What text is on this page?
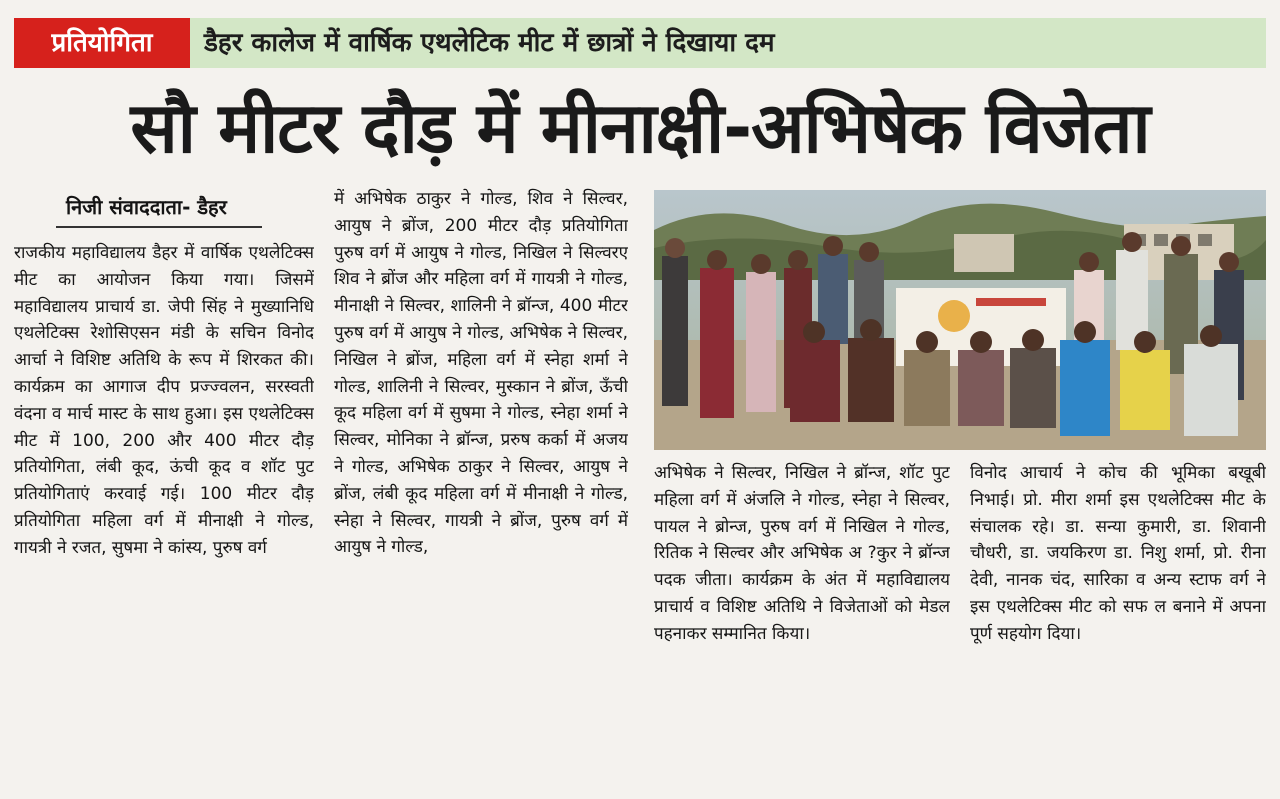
प्रतियोगिता	डैहर कालेज में वार्षिक एथलेटिक मीट में छात्रों ने दिखाया दम
सौ मीटर दौड़ में मीनाक्षी-अभिषेक विजेता
निजी संवाददाता- डैहर
राजकीय महाविद्यालय डैहर में वार्षिक एथलेटिक्स मीट का आयोजन किया गया। जिसमें महाविद्यालय प्राचार्य डा. जेपी सिंह ने मुख्यानिधि एथलेटिक्स रेशोसिएसन मंडी के सचिन विनोद आर्चा ने विशिष्ट अतिथि के रूप में शिरकत की। कार्यक्रम का आगाज दीप प्रज्ज्वलन, सरस्वती वंदना व मार्च मास्ट के साथ हुआ। इस एथलेटिक्स मीट में 100, 200 और 400 मीटर दौड़ प्रतियोगिता, लंबी कूद, ऊंची कूद व शॉट पुट प्रतियोगिताएं करवाई गई। 100 मीटर दौड़ प्रतियोगिता महिला वर्ग में मीनाक्षी ने गोल्ड, गायत्री ने रजत, सुषमा ने कांस्य, पुरुष वर्ग
में अभिषेक ठाकुर ने गोल्ड, शिव ने सिल्वर, आयुष ने ब्रोंज, 200 मीटर दौड़ प्रतियोगिता पुरुष वर्ग में आयुष ने गोल्ड, निखिल ने सिल्वरए शिव ने ब्रोंज और महिला वर्ग में गायत्री ने गोल्ड, मीनाक्षी ने सिल्वर, शालिनी ने ब्रॉन्ज, 400 मीटर पुरुष वर्ग में आयुष ने गोल्ड, अभिषेक ने सिल्वर, निखिल ने ब्रोंज, महिला वर्ग में स्नेहा शर्मा ने गोल्ड, शालिनी ने सिल्वर, मुस्कान ने ब्रोंज, ऊँची कूद महिला वर्ग में सुषमा ने गोल्ड, स्नेहा शर्मा ने सिल्वर, मोनिका ने ब्रॉन्ज, प्ररुष कर्का में अजय ने गोल्ड, अभिषेक ठाकुर ने सिल्वर, आयुष ने ब्रोंज, लंबी कूद महिला वर्ग में मीनाक्षी ने गोल्ड, स्नेहा ने सिल्वर, गायत्री ने ब्रोंज, पुरुष वर्ग में आयुष ने गोल्ड,
अभिषेक ने सिल्वर, निखिल ने ब्रॉन्ज, शॉट पुट महिला वर्ग में अंजलि ने गोल्ड, स्नेहा ने सिल्वर, पायल ने ब्रोन्ज, पुरुष वर्ग में निखिल ने गोल्ड, रितिक ने सिल्वर और अभिषेक अ ?कुर ने ब्रॉन्ज पदक जीता। कार्यक्रम के अंत में महाविद्यालय प्राचार्य व विशिष्ट अतिथि ने विजेताओं को मेडल पहनाकर सम्मानित किया।
विनोद आचार्य ने कोच की भूमिका बखूबी निभाई। प्रो. मीरा शर्मा इस एथलेटिक्स मीट के संचालक रहे। डा. सन्या कुमारी, डा. शिवानी चौधरी, डा. जयकिरण डा. निशु शर्मा, प्रो. रीना देवी, नानक चंद, सारिका व अन्य स्टाफ वर्ग ने इस एथलेटिक्स मीट को सफ ल बनाने में अपना पूर्ण सहयोग दिया।
